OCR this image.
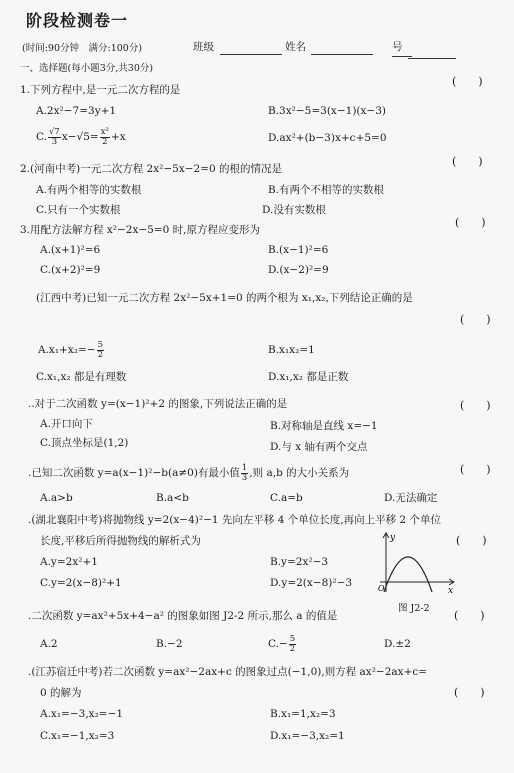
阶段检测卷一
(时间:90分钟　满分:100分)	班级	姓名	号
一、选择题(每小题3分,共30分)
1.下列方程中,是一元二次方程的是
(　　)
A.2x²−7=3y+1	B.3x²−5=3(x−1)(x−3)
C. $\frac{√7}{3} x-√5= \frac{\text{x²}}{2} +x$	D.ax²+(b−3)x+c+5=0
2.(河南中考)一元二次方程 2x²−5x−2=0 的根的情况是
(　　)
A.有两个相等的实数根	B.有两个不相等的实数根
C.只有一个实数根	D.没有实数根
3.用配方法解方程 x²−2x−5=0 时,原方程应变形为
(　　)
A.(x+1)²=6	B.(x−1)²=6
C.(x+2)²=9	D.(x−2)²=9
(江西中考)已知一元二次方程 2x²−5x+1=0 的两个根为 x₁,x₂,下列结论正确的是
(　　)
$A.x_1+x_2=- \frac{5}{2}$	B.x₁x₂=1
C.x₁,x₂ 都是有理数	D.x₁,x₂ 都是正数
..对于二次函数 y=(x−1)²+2 的图象,下列说法正确的是	(　　)
A.开口向下	B.对称轴是直线 x=−1
C.顶点坐标是(1,2)	D.与 x 轴有两个交点
.已知二次函数 y=a(x−1)²−b(a≠0)有最小值 $\frac{1}{3}$ ,则 a,b 的大小关系为	(　　)
A.a>b	B.a<b	C.a=b	D.无法确定
.(湖北襄阳中考)将抛物线 y=2(x−4)²−1 先向左平移 4 个单位长度,再向上平移 2 个单位
长度,平移后所得抛物线的解析式为	(　　)
A.y=2x²+1	B.y=2x²−3
C.y=2(x−8)²+1	D.y=2(x−8)²−3
y
x
O
图 J2-2
.二次函数 y=ax²+5x+4−a² 的图象如图 J2-2 所示,那么 a 的值是	(　　)
A.2	B.−2	$C.- \frac{5}{2}$	D.±2
.(江苏宿迁中考)若二次函数 y=ax²−2ax+c 的图象过点(−1,0),则方程 ax²−2ax+c=
0 的解为	(　　)
A.x₁=−3,x₂=−1	B.x₁=1,x₂=3
C.x₁=−1,x₂=3	D.x₁=−3,x₂=1
